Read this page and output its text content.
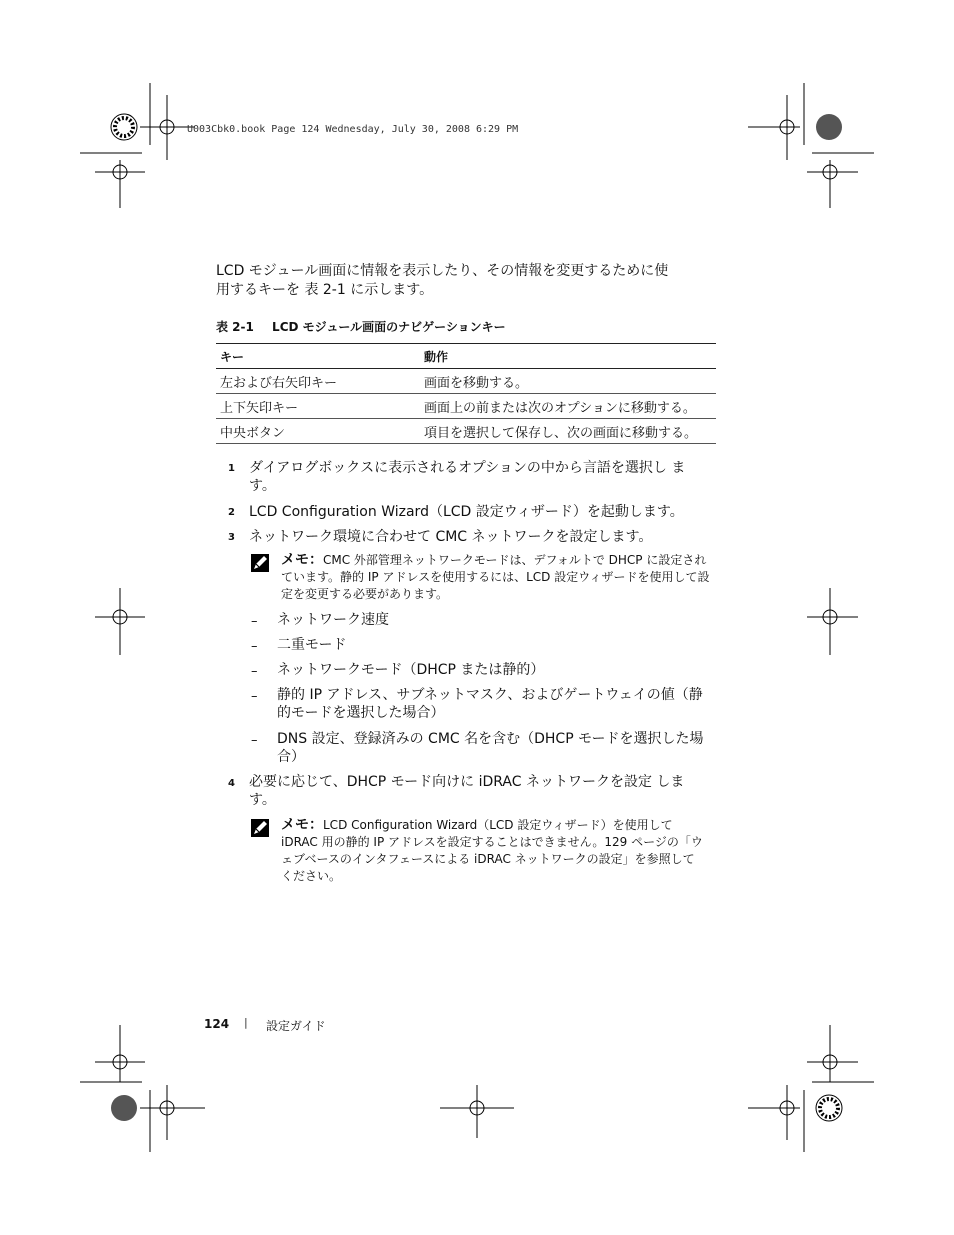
U003Cbk0.book Page 124 Wednesday, July 30, 2008 6:29 PM
LCD モジュール画面に情報を表示したり、その情報を変更するために使
用するキーを 表 2-1 に示します。
表 2-1 LCD モジュール画面のナビゲーションキー
キー	動作
左および右矢印キー	画面を移動する。
上下矢印キー	画面上の前または次のオプションに移動する。
中央ボタン	項目を選択して保存し、次の画面に移動する。
1 ダイアログボックスに表示されるオプションの中から言語を選択し ます。
2 LCD Configuration Wizard（LCD 設定ウィザード）を起動します。
3 ネットワーク環境に合わせて CMC ネットワークを設定します。
メモ：CMC 外部管理ネットワークモードは、デフォルトで DHCP に設定されています。静的 IP アドレスを使用するには、LCD 設定ウィザードを使用して設定を変更する必要があります。
– ネットワーク速度
– 二重モード
– ネットワークモード（DHCP または静的）
– 静的 IP アドレス、サブネットマスク、およびゲートウェイの値（静的モードを選択した場合）
– DNS 設定、登録済みの CMC 名を含む（DHCP モードを選択した場合）
4 必要に応じて、DHCP モード向けに iDRAC ネットワークを設定 します。
メモ：LCD Configuration Wizard（LCD 設定ウィザード）を使用して iDRAC 用の静的 IP アドレスを設定することはできません。129 ページの「ウェブベースのインタフェースによる iDRAC ネットワークの設定」を参照してください。
124 | 設定ガイド
